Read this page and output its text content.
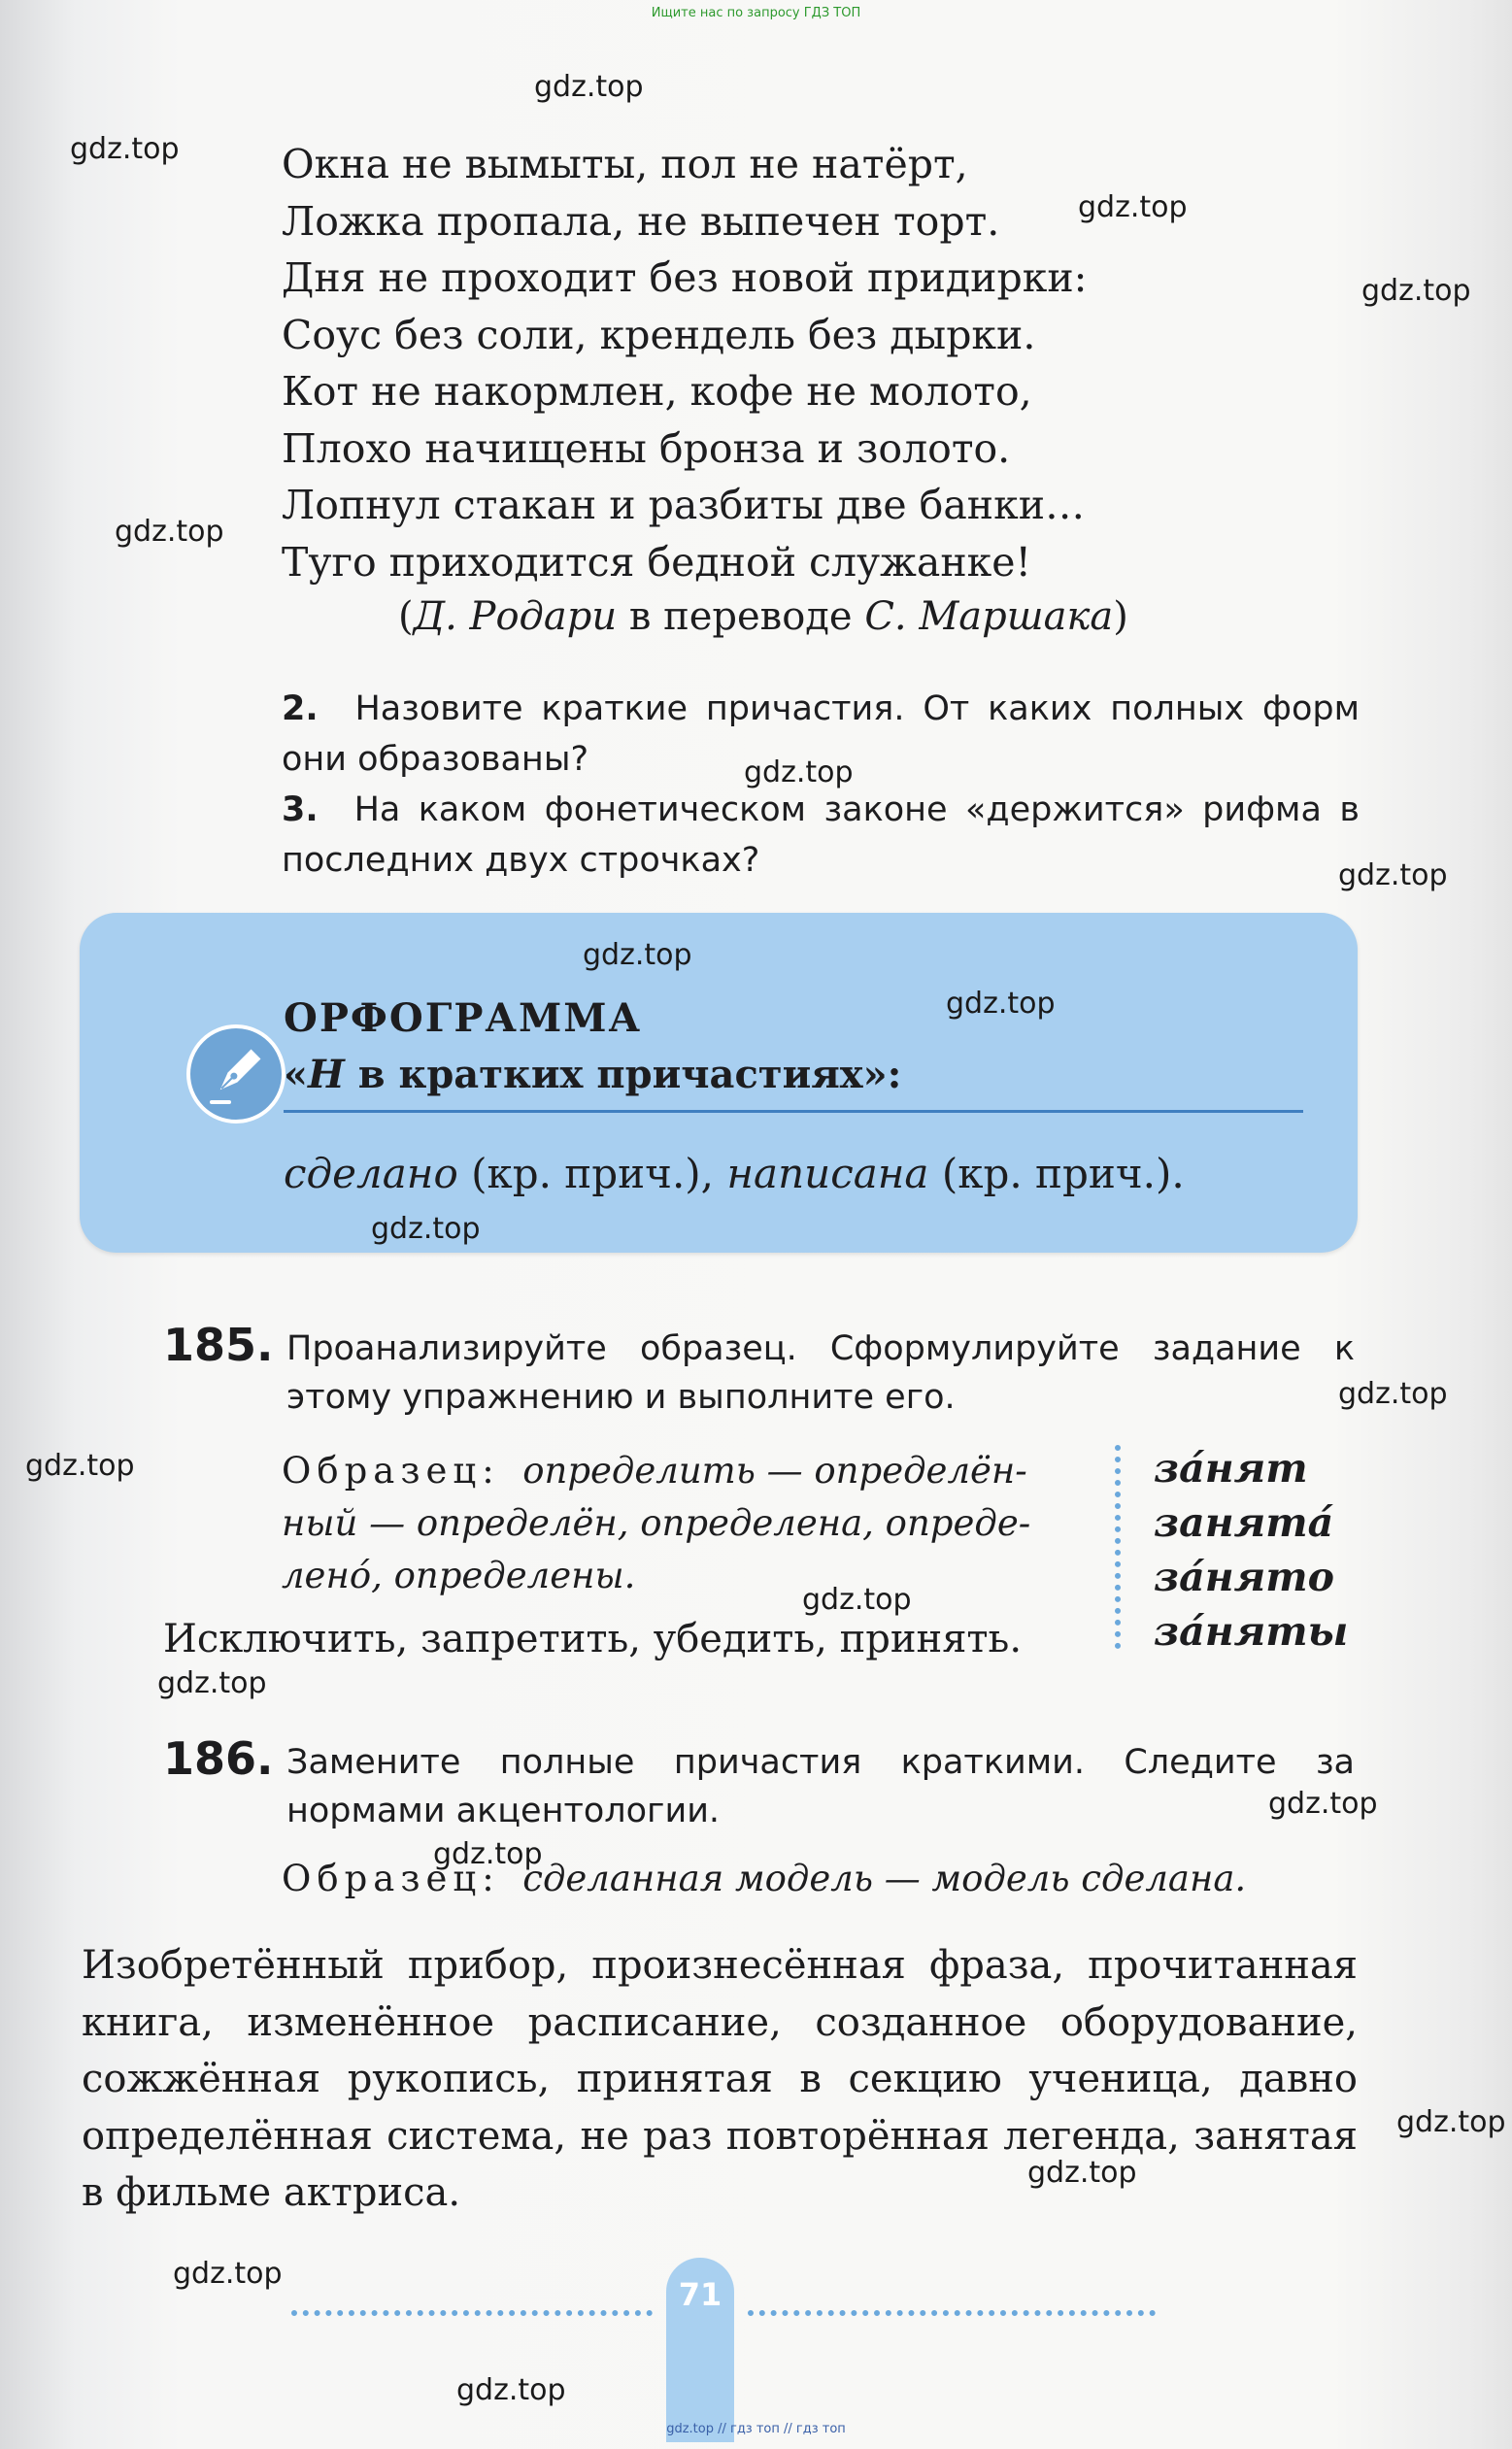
Ищите нас по запросу ГДЗ ТОП
Окна не вымыты, пол не натёрт,
Ложка пропала, не выпечен торт.
Дня не проходит без новой придирки:
Соус без соли, крендель без дырки.
Кот не накормлен, кофе не молото,
Плохо начищены бронза и золото.
Лопнул стакан и разбиты две банки…
Туго приходится бедной служанке!
(Д. Родари в переводе С. Маршака)
2. Назовите краткие причастия. От каких полных форм они образованы?
3. На каком фонетическом законе «держится» рифма в последних двух строчках?
ОРФОГРАММА
«Н в кратких причастиях»:
сделано (кр. прич.), написана (кр. прич.).
185. Проанализируйте образец. Сформулируйте задание к этому упражнению и выполните его.
Образец: определить — определён-
ный — определён, определена, опреде-
лено́, определены.
Исключить, запретить, убедить, принять.
за́нят
занята́
за́нято
за́няты
186. Замените полные причастия краткими. Следите за нормами акцентологии.
Образец: сделанная модель — модель сделана.
Изобретённый прибор, произнесённая фраза, прочитанная книга, изменённое расписание, созданное оборудование, сожжённая рукопись, принятая в секцию ученица, давно определённая система, не раз повторённая легенда, занятая в фильме актриса.
71
gdz.top
gdz.top
gdz.top
gdz.top
gdz.top
gdz.top
gdz.top
gdz.top
gdz.top
gdz.top
gdz.top
gdz.top
gdz.top
gdz.top
gdz.top
gdz.top
gdz.top
gdz.top
gdz.top
gdz.top
gdz.top // гдз топ // гдз топ
